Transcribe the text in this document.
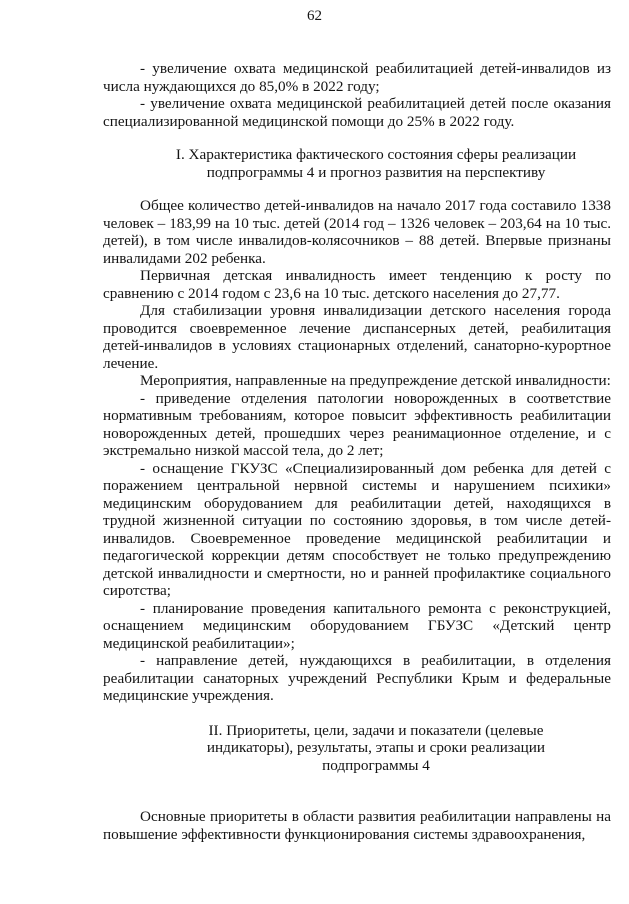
62

- увеличение охвата медицинской реабилитацией детей-инвалидов из числа нуждающихся до 85,0% в 2022 году;

- увеличение охвата медицинской реабилитацией детей после оказания специализированной медицинской помощи до 25% в 2022 году.

I. Характеристика фактического состояния сферы реализации
подпрограммы 4 и прогноз развития на перспективу

Общее количество детей-инвалидов на начало 2017 года составило 1338 человек – 183,99 на 10 тыс. детей (2014 год – 1326 человек – 203,64 на 10 тыс. детей), в том числе инвалидов-колясочников – 88 детей. Впервые признаны инвалидами 202 ребенка.

Первичная детская инвалидность имеет тенденцию к росту по сравнению с 2014 годом с 23,6 на 10 тыс. детского населения до 27,77.

Для стабилизации уровня инвалидизации детского населения города проводится своевременное лечение диспансерных детей, реабилитация детей-инвалидов в условиях стационарных отделений, санаторно-курортное лечение.

Мероприятия, направленные на предупреждение детской инвалидности:

- приведение отделения патологии новорожденных в соответствие нормативным требованиям, которое повысит эффективность реабилитации новорожденных детей, прошедших через реанимационное отделение, и с экстремально низкой массой тела, до 2 лет;

- оснащение ГКУЗС «Специализированный дом ребенка для детей с поражением центральной нервной системы и нарушением психики» медицинским оборудованием для реабилитации детей, находящихся в трудной жизненной ситуации по состоянию здоровья, в том числе детей-инвалидов. Своевременное проведение медицинской реабилитации и педагогической коррекции детям способствует не только предупреждению детской инвалидности и смертности, но и ранней профилактике социального сиротства;

- планирование проведения капитального ремонта с реконструкцией, оснащением медицинским оборудованием ГБУЗС «Детский центр медицинской реабилитации»;

- направление детей, нуждающихся в реабилитации, в отделения реабилитации санаторных учреждений Республики Крым и федеральные медицинские учреждения.

II. Приоритеты, цели, задачи и показатели (целевые
индикаторы), результаты, этапы и сроки реализации
подпрограммы 4

Основные приоритеты в области развития реабилитации направлены на повышение эффективности функционирования системы здравоохранения,
